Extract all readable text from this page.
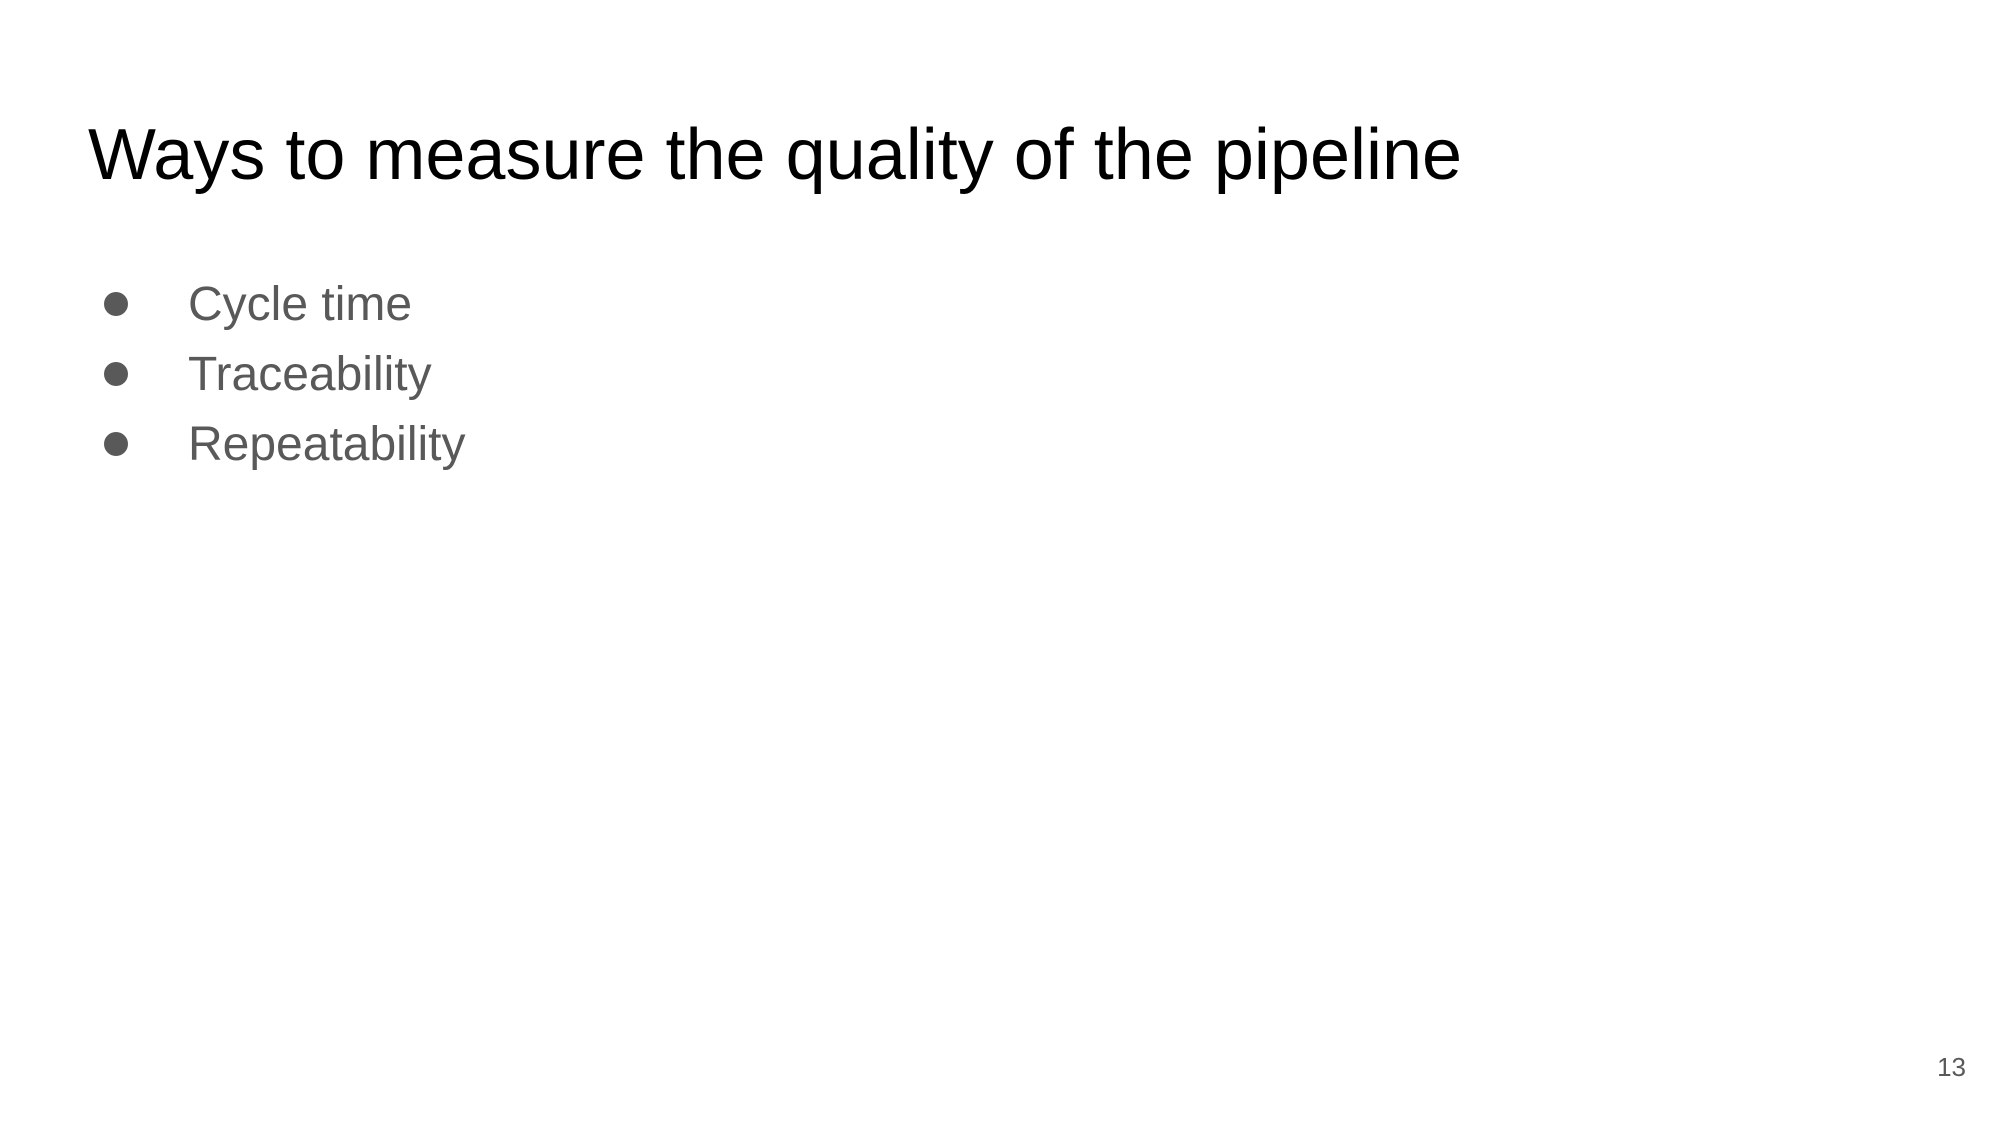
Ways to measure the quality of the pipeline
Cycle time
Traceability
Repeatability
13
